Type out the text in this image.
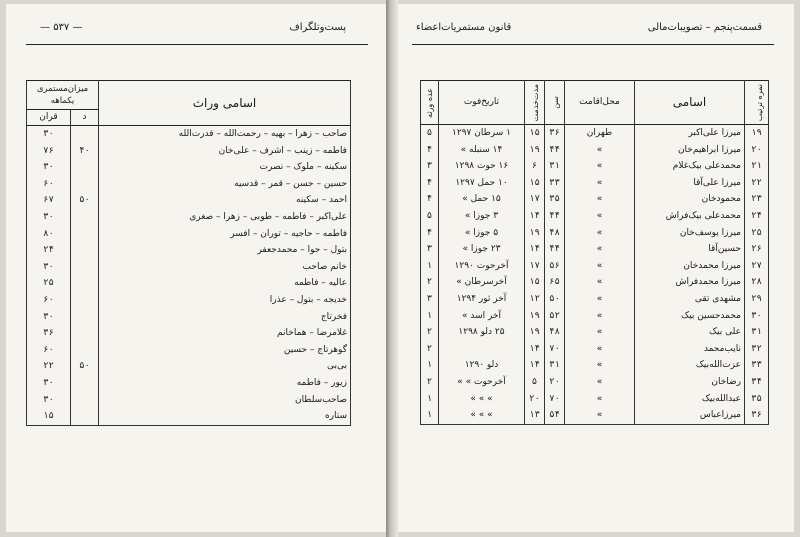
— ۵۳۷ —	پست‌وتلگراف
اسامی وراث	میزان‌مستمری یکماهه	
	د	قران
صاحب – زهرا – بهیه – رحمت‌الله – قدرت‌الله		۳۰
فاطمه – زینب – اشرف – علی‌خان	۴۰	۷۶
سکینه – ملوک – نصرت		۳۰
حسین – حسن – قمر – قدسیه		۶۰
احمد – سکینه	۵۰	۶۷
علی‌اکبر – فاطمه – طوبی – زهرا – صغری		۳۰
فاطمه – حاجیه – توران – افسر		۸۰
بتول – حوا – محمدجعفر		۲۴
خانم صاحب		۳۰
عالیه – فاطمه		۲۵
خدیجه – بتول – عذرا		۶۰
فخرتاج		۳۰
غلامرضا – هماخانم		۳۶
گوهرتاج – حسین		۶۰
بی‌بی	۵۰	۲۲
زیور – فاطمه		۳۰
صاحب‌سلطان		۳۰
ستاره		۱۵
قانون مستمریات‌اعضاء	قسمت‌پنجم – تصویبات‌مالی
نمره ترتیب	اسامی	محل‌اقامت	سن	مدت‌خدمت	تاریخ‌فوت	عده ورثه

۱۹	میرزا علی‌اکبر	طهران	۳۶	۱۵	۱ سرطان ۱۲۹۷	۵
۲۰	میرزا ابراهیم‌خان	»	۴۴	۱۹	۱۴ سنبله »	۴
۲۱	محمدعلی بیک‌غلام	»	۳۱	۶	۱۶ حوت ۱۲۹۸	۳
۲۲	میرزا علی‌آقا	»	۳۳	۱۵	۱۰ حمل ۱۲۹۷	۴
۲۳	محمودخان	»	۳۵	۱۷	۱۵ حمل »	۴
۲۴	محمدعلی بیک‌فراش	»	۴۴	۱۴	۳ جوزا »	۵
۲۵	میرزا یوسف‌خان	»	۴۸	۱۹	۵ جوزا »	۴
۲۶	حسین‌آقا	»	۴۴	۱۴	۲۳ جوزا »	۳
۲۷	میرزا محمدخان	»	۵۶	۱۷	آخرحوت ۱۲۹۰	۱
۲۸	میرزا محمدفراش	»	۶۵	۱۵	آخرسرطان »	۲
۲۹	مشهدی تقی	»	۵۰	۱۲	آخر ثور ۱۲۹۴	۳
۳۰	محمدحسین بیک	»	۵۲	۱۹	آخر اسد »	۱
۳۱	علی بیک	»	۴۸	۱۹	۲۵ دلو ۱۲۹۸	۲
۳۲	نایب‌محمد	»	۷۰	۱۴		۲
۳۳	عزت‌الله‌بیک	»	۳۱	۱۴	دلو ۱۲۹۰	۱
۳۴	رضاخان	»	۲۰	۵	آخرحوت » »	۲
۳۵	عبدالله‌بیک	»	۷۰	۲۰	» » »	۱
۳۶	میرزاعباس	»	۵۴	۱۳	» » »	۱
